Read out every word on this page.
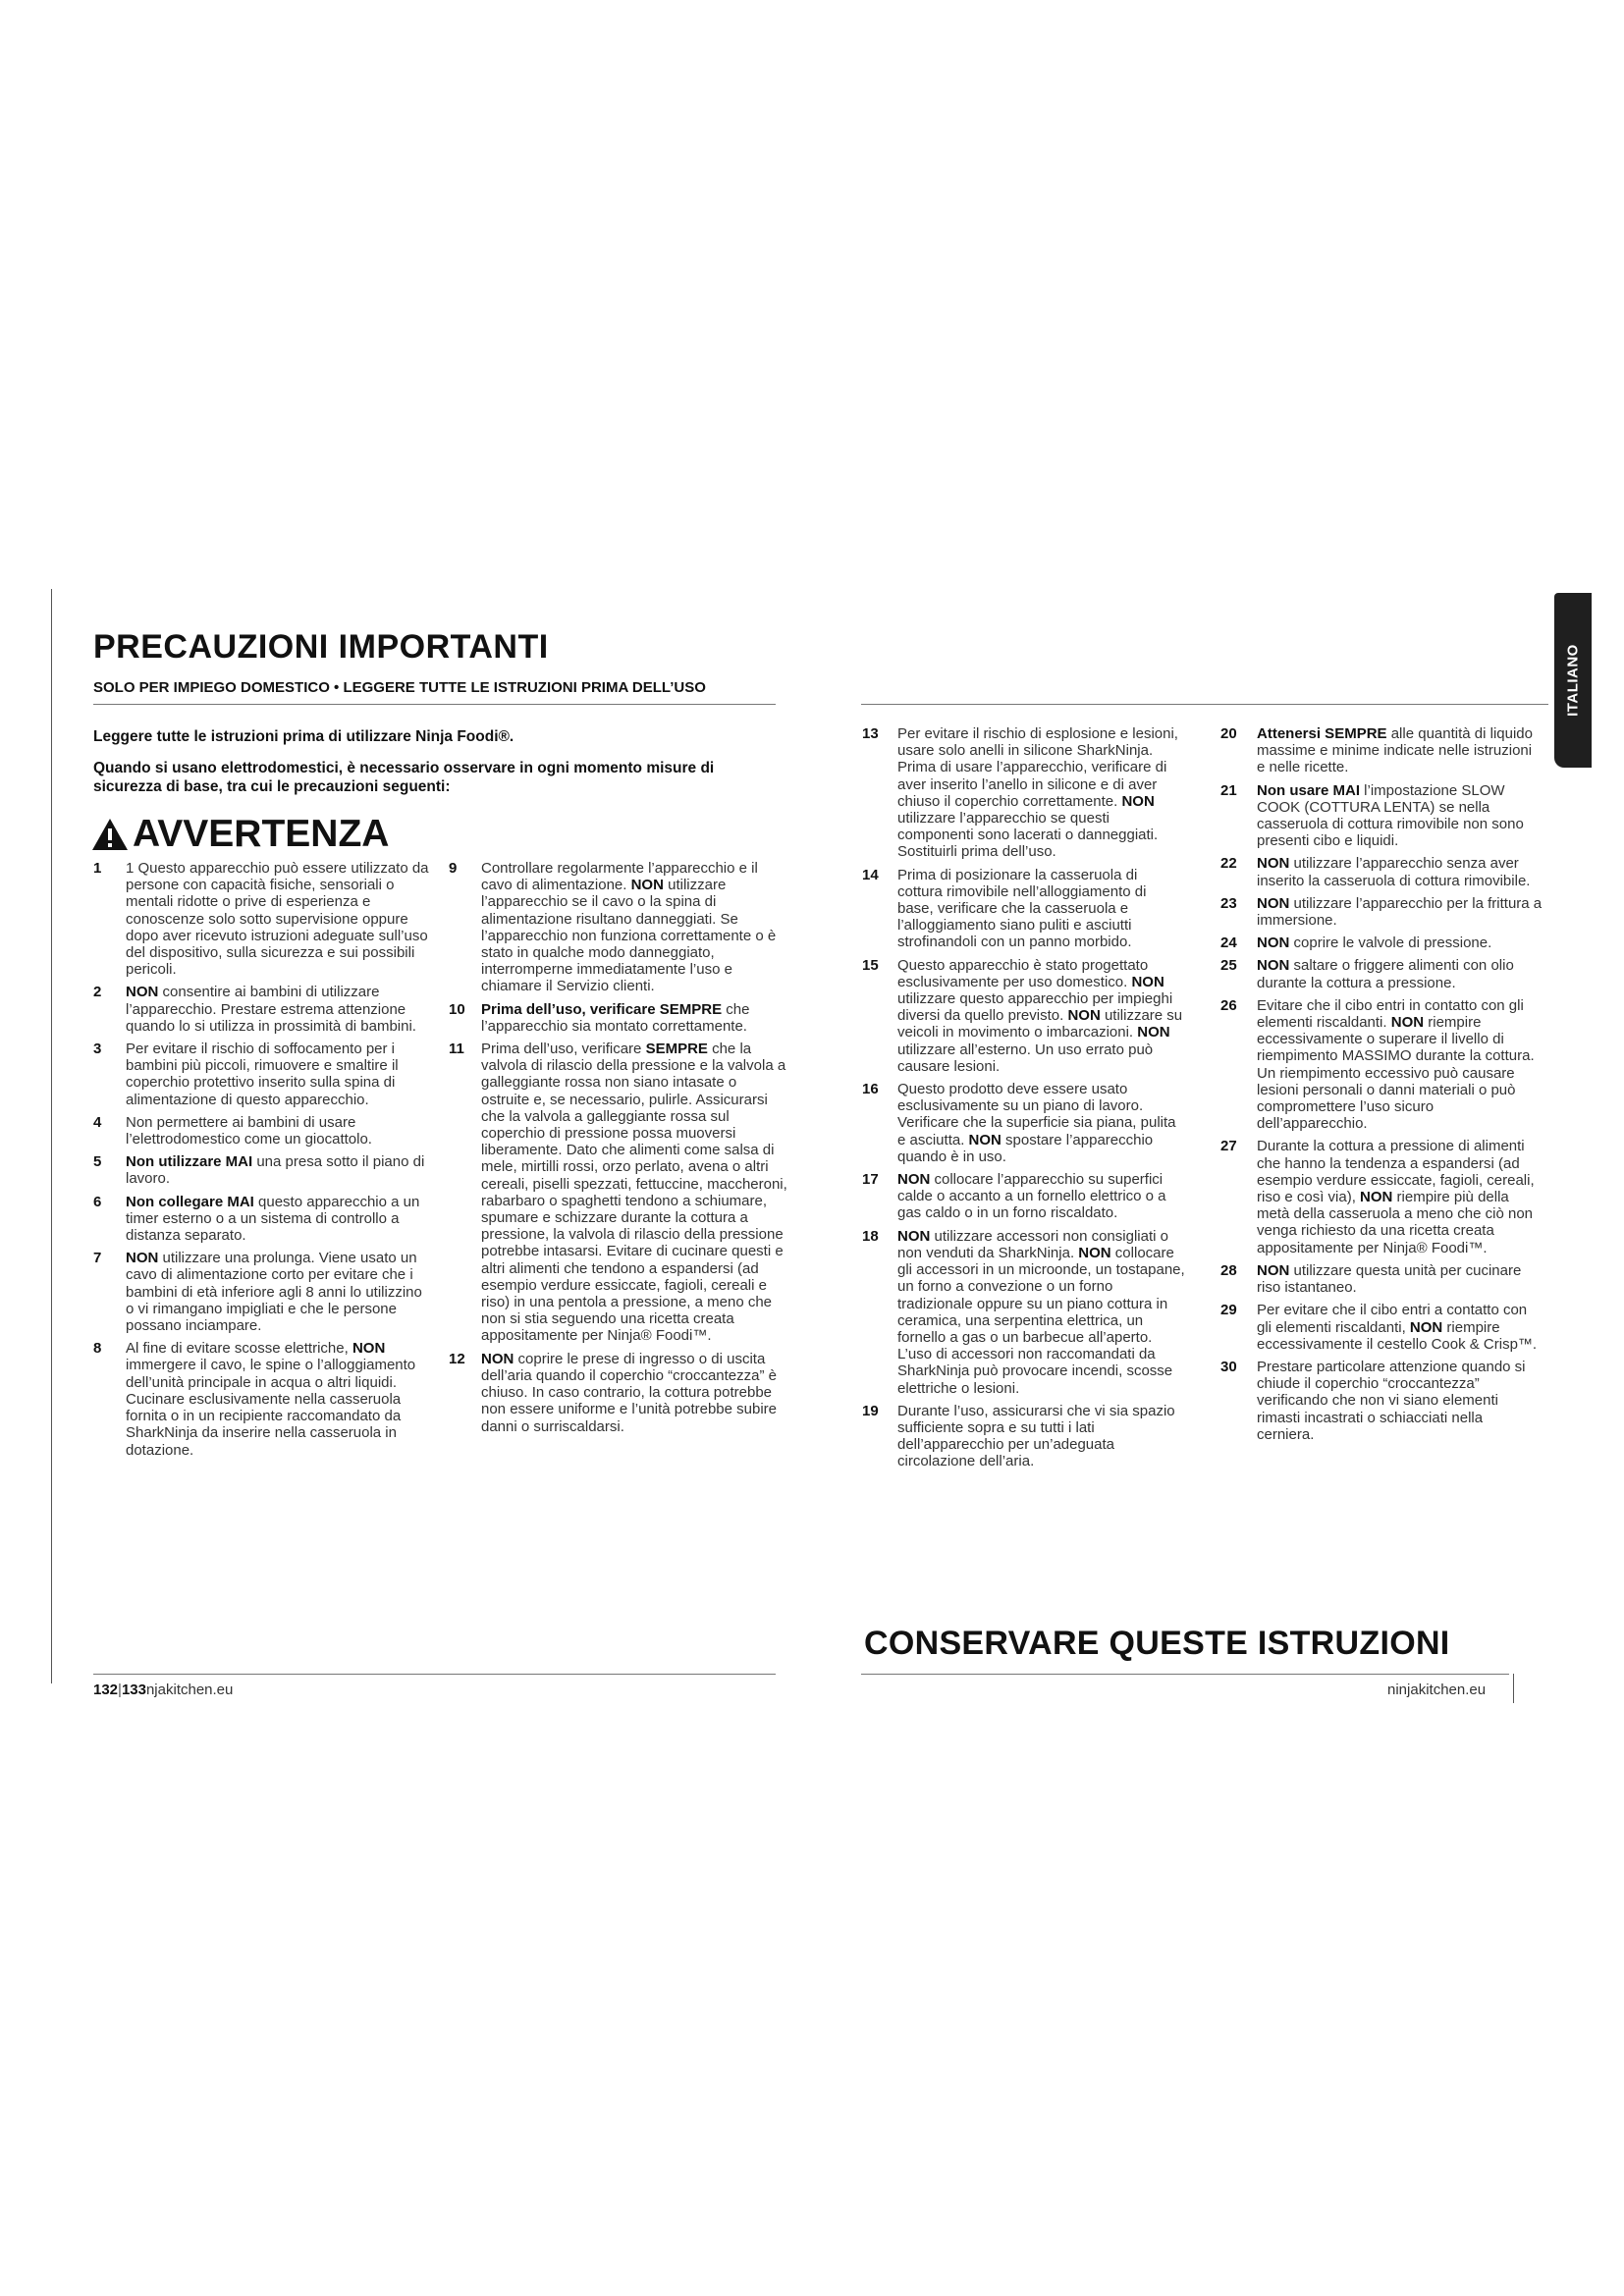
PRECAUZIONI IMPORTANTI
SOLO PER IMPIEGO DOMESTICO • LEGGERE TUTTE LE ISTRUZIONI PRIMA DELL’USO
Leggere tutte le istruzioni prima di utilizzare Ninja Foodi®.
Quando si usano elettrodomestici, è necessario osservare in ogni momento misure di sicurezza di base, tra cui le precauzioni seguenti:
AVVERTENZA
1	1 Questo apparecchio può essere utilizzato da persone con capacità fisiche, sensoriali o mentali ridotte o prive di esperienza e conoscenze solo sotto supervisione oppure dopo aver ricevuto istruzioni adeguate sull’uso del dispositivo, sulla sicurezza e sui possibili pericoli.
2	NON consentire ai bambini di utilizzare l’apparecchio. Prestare estrema attenzione quando lo si utilizza in prossimità di bambini.
3	Per evitare il rischio di soffocamento per i bambini più piccoli, rimuovere e smaltire il coperchio protettivo inserito sulla spina di alimentazione di questo apparecchio.
4	Non permettere ai bambini di usare l’elettrodomestico come un giocattolo.
5	Non utilizzare MAI una presa sotto il piano di lavoro.
6	Non collegare MAI questo apparecchio a un timer esterno o a un sistema di controllo a distanza separato.
7	NON utilizzare una prolunga. Viene usato un cavo di alimentazione corto per evitare che i bambini di età inferiore agli 8 anni lo utilizzino o vi rimangano impigliati e che le persone possano inciampare.
8	Al fine di evitare scosse elettriche, NON immergere il cavo, le spine o l’alloggiamento dell’unità principale in acqua o altri liquidi. Cucinare esclusivamente nella casseruola fornita o in un recipiente raccomandato da SharkNinja da inserire nella casseruola in dotazione.
9	Controllare regolarmente l’apparecchio e il cavo di alimentazione. NON utilizzare l’apparecchio se il cavo o la spina di alimentazione risultano danneggiati. Se l’apparecchio non funziona correttamente o è stato in qualche modo danneggiato, interromperne immediatamente l’uso e chiamare il Servizio clienti.
10	Prima dell’uso, verificare SEMPRE che l’apparecchio sia montato correttamente.
11	Prima dell’uso, verificare SEMPRE che la valvola di rilascio della pressione e la valvola a galleggiante rossa non siano intasate o ostruite e, se necessario, pulirle. Assicurarsi che la valvola a galleggiante rossa sul coperchio di pressione possa muoversi liberamente. Dato che alimenti come salsa di mele, mirtilli rossi, orzo perlato, avena o altri cereali, piselli spezzati, fettuccine, maccheroni, rabarbaro o spaghetti tendono a schiumare, spumare e schizzare durante la cottura a pressione, la valvola di rilascio della pressione potrebbe intasarsi. Evitare di cucinare questi e altri alimenti che tendono a espandersi (ad esempio verdure essiccate, fagioli, cereali e riso) in una pentola a pressione, a meno che non si stia seguendo una ricetta creata appositamente per Ninja® Foodi™.
12	NON coprire le prese di ingresso o di uscita dell’aria quando il coperchio “croccantezza” è chiuso. In caso contrario, la cottura potrebbe non essere uniforme e l’unità potrebbe subire danni o surriscaldarsi.
13	Per evitare il rischio di esplosione e lesioni, usare solo anelli in silicone SharkNinja. Prima di usare l’apparecchio, verificare di aver inserito l’anello in silicone e di aver chiuso il coperchio correttamente. NON utilizzare l’apparecchio se questi componenti sono lacerati o danneggiati. Sostituirli prima dell’uso.
14	Prima di posizionare la casseruola di cottura rimovibile nell’alloggiamento di base, verificare che la casseruola e l’alloggiamento siano puliti e asciutti strofinandoli con un panno morbido.
15	Questo apparecchio è stato progettato esclusivamente per uso domestico. NON utilizzare questo apparecchio per impieghi diversi da quello previsto. NON utilizzare su veicoli in movimento o imbarcazioni. NON utilizzare all’esterno. Un uso errato può causare lesioni.
16	Questo prodotto deve essere usato esclusivamente su un piano di lavoro. Verificare che la superficie sia piana, pulita e asciutta. NON spostare l’apparecchio quando è in uso.
17	NON collocare l’apparecchio su superfici calde o accanto a un fornello elettrico o a gas caldo o in un forno riscaldato.
18	NON utilizzare accessori non consigliati o non venduti da SharkNinja. NON collocare gli accessori in un microonde, un tostapane, un forno a convezione o un forno tradizionale oppure su un piano cottura in ceramica, una serpentina elettrica, un fornello a gas o un barbecue all’aperto. L’uso di accessori non raccomandati da SharkNinja può provocare incendi, scosse elettriche o lesioni.
19	Durante l’uso, assicurarsi che vi sia spazio sufficiente sopra e su tutti i lati dell’apparecchio per un’adeguata circolazione dell’aria.
20	Attenersi SEMPRE alle quantità di liquido massime e minime indicate nelle istruzioni e nelle ricette.
21	Non usare MAI l’impostazione SLOW COOK (COTTURA LENTA) se nella casseruola di cottura rimovibile non sono presenti cibo e liquidi.
22	NON utilizzare l’apparecchio senza aver inserito la casseruola di cottura rimovibile.
23	NON utilizzare l’apparecchio per la frittura a immersione.
24	NON coprire le valvole di pressione.
25	NON saltare o friggere alimenti con olio durante la cottura a pressione.
26	Evitare che il cibo entri in contatto con gli elementi riscaldanti. NON riempire eccessivamente o superare il livello di riempimento MASSIMO durante la cottura. Un riempimento eccessivo può causare lesioni personali o danni materiali o può compromettere l’uso sicuro dell’apparecchio.
27	Durante la cottura a pressione di alimenti che hanno la tendenza a espandersi (ad esempio verdure essiccate, fagioli, cereali, riso e così via), NON riempire più della metà della casseruola a meno che ciò non venga richiesto da una ricetta creata appositamente per Ninja® Foodi™.
28	NON utilizzare questa unità per cucinare riso istantaneo.
29	Per evitare che il cibo entri a contatto con gli elementi riscaldanti, NON riempire eccessivamente il cestello Cook & Crisp™.
30	Prestare particolare attenzione quando si chiude il coperchio “croccantezza” verificando che non vi siano elementi rimasti incastrati o schiacciati nella cerniera.
ITALIANO
CONSERVARE QUESTE ISTRUZIONI
132|133njakitchen.eu	ninjakitchen.eu
